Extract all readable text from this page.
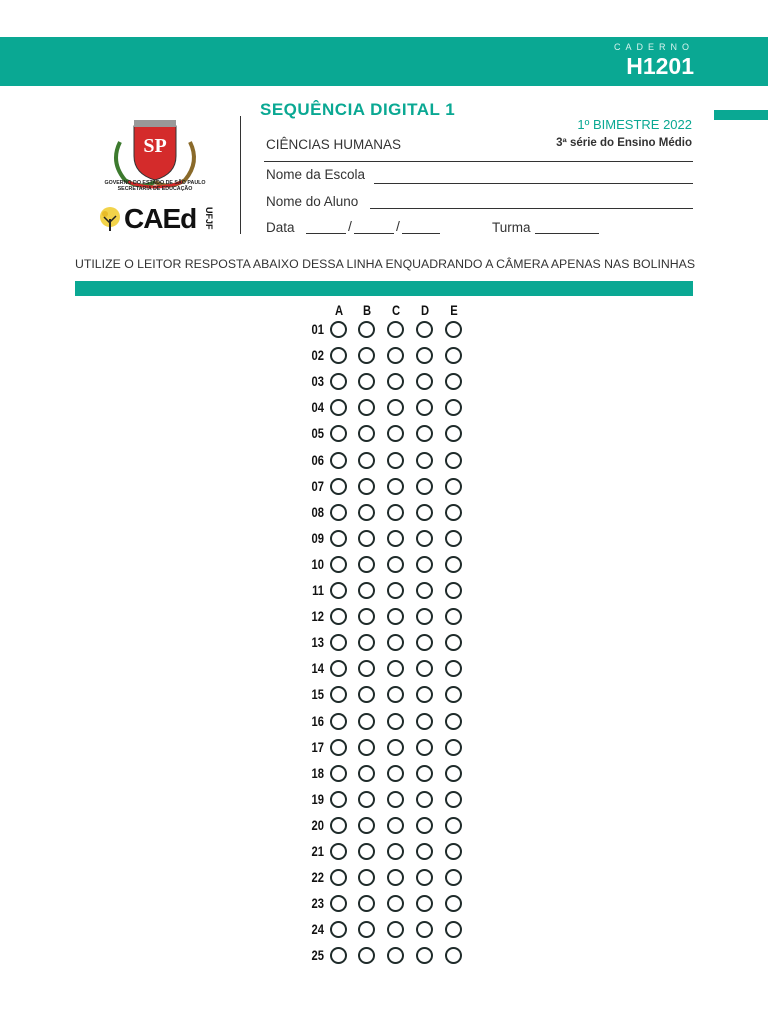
CADERNO
H1201
SP
GOVERNO DO ESTADO DE SÃO PAULO
SECRETARIA DE EDUCAÇÃO
CAEd UFJF
SEQUÊNCIA DIGITAL 1
1º BIMESTRE 2022
CIÊNCIAS HUMANAS	3ª série do Ensino Médio
Nome da Escola
Nome do Aluno
Data	/	/	Turma
UTILIZE O LEITOR RESPOSTA ABAIXO DESSA LINHA ENQUADRANDO A CÂMERA APENAS NAS BOLINHAS
A B C D	E
01
02
03
04
05
06
07
08
09
10
11
12
13
14
15
16
17
18
19
20
21
22
23
24
25
